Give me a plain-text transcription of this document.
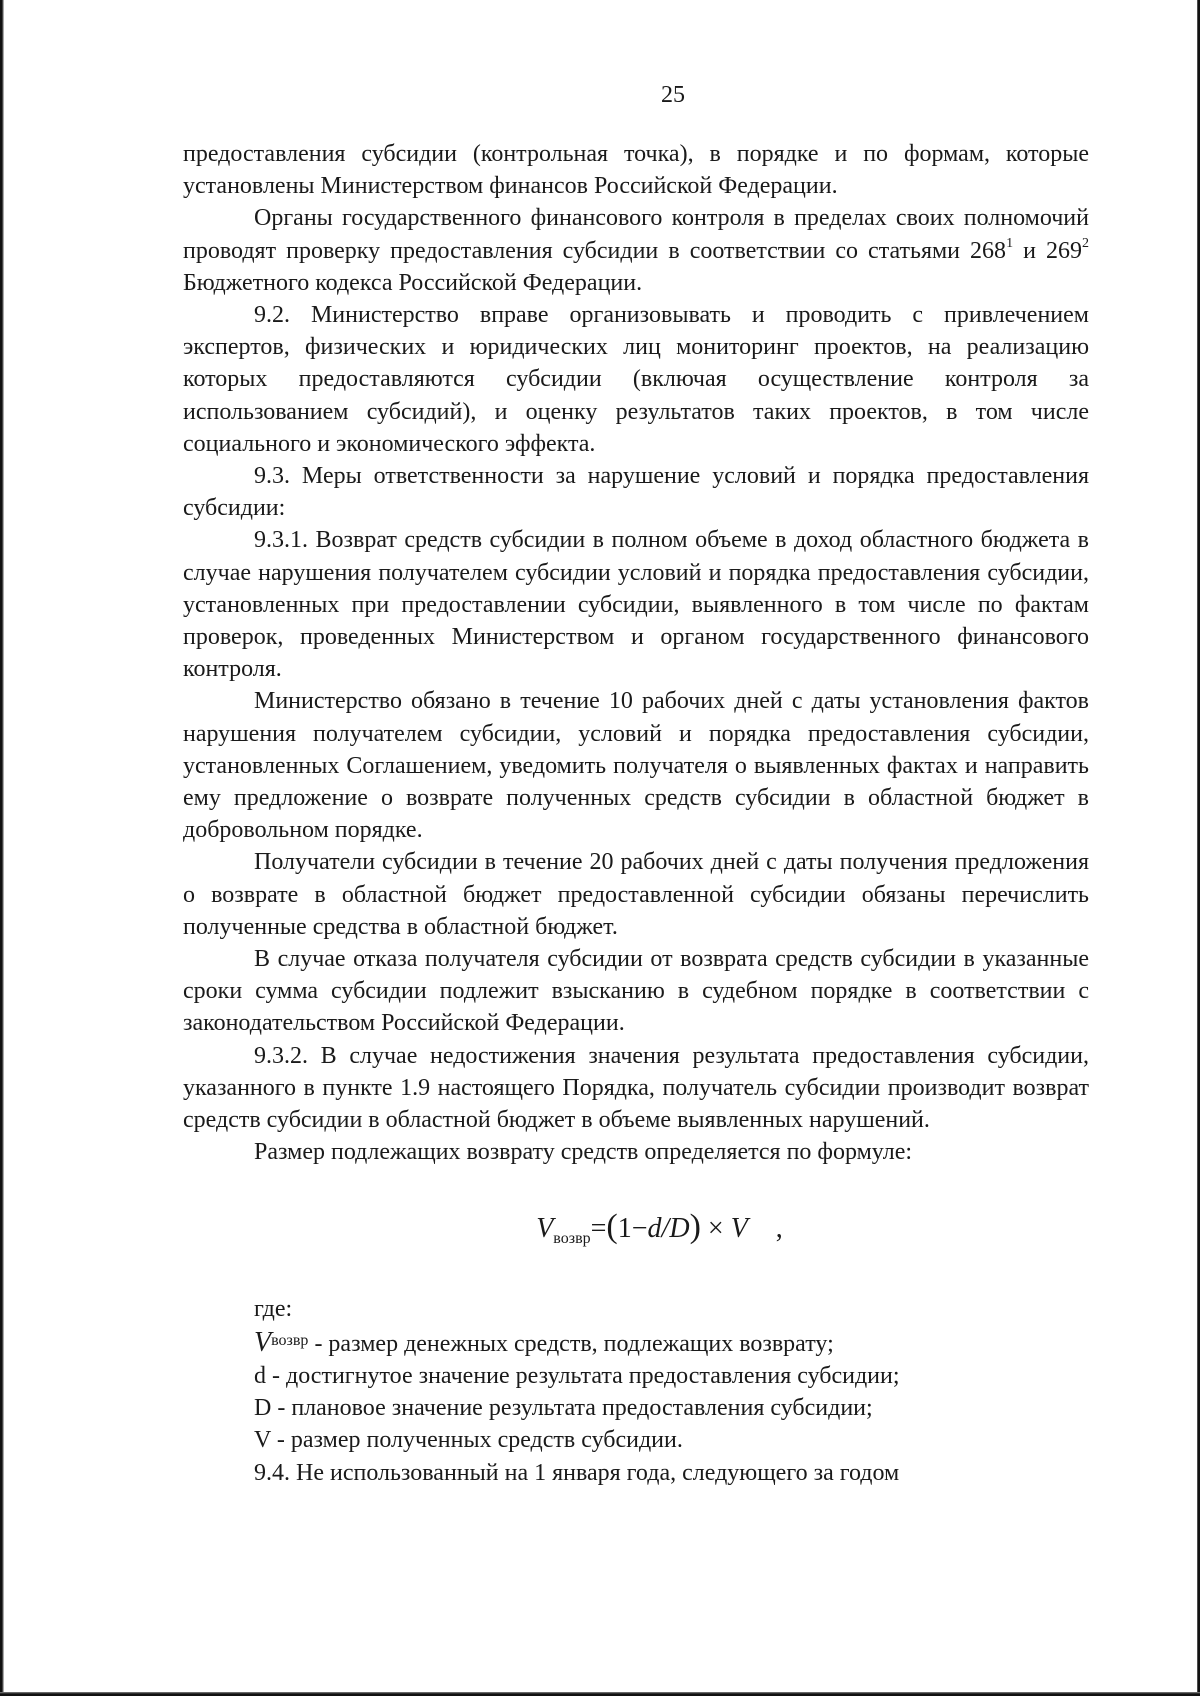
25

предоставления субсидии (контрольная точка), в порядке и по формам, которые установлены Министерством финансов Российской Федерации.

Органы государственного финансового контроля в пределах своих полномочий проводят проверку предоставления субсидии в соответствии со статьями $268^1$ и $269^2$ Бюджетного кодекса Российской Федерации.

9.2. Министерство вправе организовывать и проводить с привлечением экспертов, физических и юридических лиц мониторинг проектов, на реализацию которых предоставляются субсидии (включая осуществление контроля за использованием субсидий), и оценку результатов таких проектов, в том числе социального и экономического эффекта.

9.3. Меры ответственности за нарушение условий и порядка предоставления субсидии:

9.3.1. Возврат средств субсидии в полном объеме в доход областного бюджета в случае нарушения получателем субсидии условий и порядка предоставления субсидии, установленных при предоставлении субсидии, выявленного в том числе по фактам проверок, проведенных Министерством и органом государственного финансового контроля.

Министерство обязано в течение 10 рабочих дней с даты установления фактов нарушения получателем субсидии, условий и порядка предоставления субсидии, установленных Соглашением, уведомить получателя о выявленных фактах и направить ему предложение о возврате полученных средств субсидии в областной бюджет в добровольном порядке.

Получатели субсидии в течение 20 рабочих дней с даты получения предложения о возврате в областной бюджет предоставленной субсидии обязаны перечислить полученные средства в областной бюджет.

В случае отказа получателя субсидии от возврата средств субсидии в указанные сроки сумма субсидии подлежит взысканию в судебном порядке в соответствии с законодательством Российской Федерации.

9.3.2. В случае недостижения значения результата предоставления субсидии, указанного в пункте 1.9 настоящего Порядка, получатель субсидии производит возврат средств субсидии в областной бюджет в объеме выявленных нарушений.

Размер подлежащих возврату средств определяется по формуле:

$V_{возвр}=(1-d/D) \times V$ ,

где:

$V^{возвр}$ - размер денежных средств, подлежащих возврату;

d - достигнутое значение результата предоставления субсидии;

D - плановое значение результата предоставления субсидии;

V - размер полученных средств субсидии.

9.4. Не использованный на 1 января года, следующего за годом
